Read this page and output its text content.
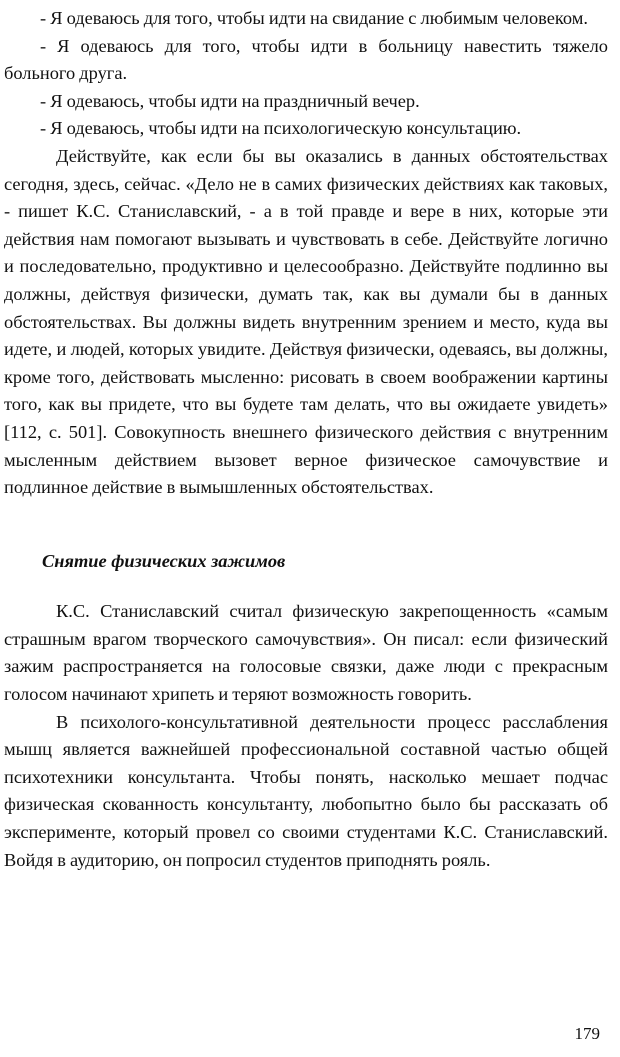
- Я одеваюсь для того, чтобы идти на свидание с любимым человеком.

- Я одеваюсь для того, чтобы идти в больницу навестить тяжело больного друга.

- Я одеваюсь, чтобы идти на праздничный вечер.

- Я одеваюсь, чтобы идти на психологическую консультацию.

Действуйте, как если бы вы оказались в данных обстоятельствах сегодня, здесь, сейчас. «Дело не в самих физических действиях как таковых, - пишет К.С. Станиславский, - а в той правде и вере в них, которые эти действия нам помогают вызывать и чувствовать в себе. Действуйте логично и последовательно, продуктивно и целесообразно. Действуйте подлинно вы должны, действуя физически, думать так, как вы думали бы в данных обстоятельствах. Вы должны видеть внутренним зрением и место, куда вы идете, и людей, которых увидите. Действуя физически, одеваясь, вы должны, кроме того, действовать мысленно: рисовать в своем воображении картины того, как вы придете, что вы будете там делать, что вы ожидаете увидеть» [112, с. 501]. Совокупность внешнего физического действия с внутренним мысленным действием вызовет верное физическое самочувствие и подлинное действие в вымышленных обстоятельствах.

Снятие физических зажимов

К.С. Станиславский считал физическую закрепощенность «самым страшным врагом творческого самочувствия». Он писал: если физический зажим распространяется на голосовые связки, даже люди с прекрасным голосом начинают хрипеть и теряют возможность говорить.

В психолого-консультативной деятельности процесс расслабления мышц является важнейшей профессиональной составной частью общей психотехники консультанта. Чтобы понять, насколько мешает подчас физическая скованность консультанту, любопытно было бы рассказать об эксперименте, который провел со своими студентами К.С. Станиславский. Войдя в аудиторию, он попросил студентов приподнять рояль.

179
